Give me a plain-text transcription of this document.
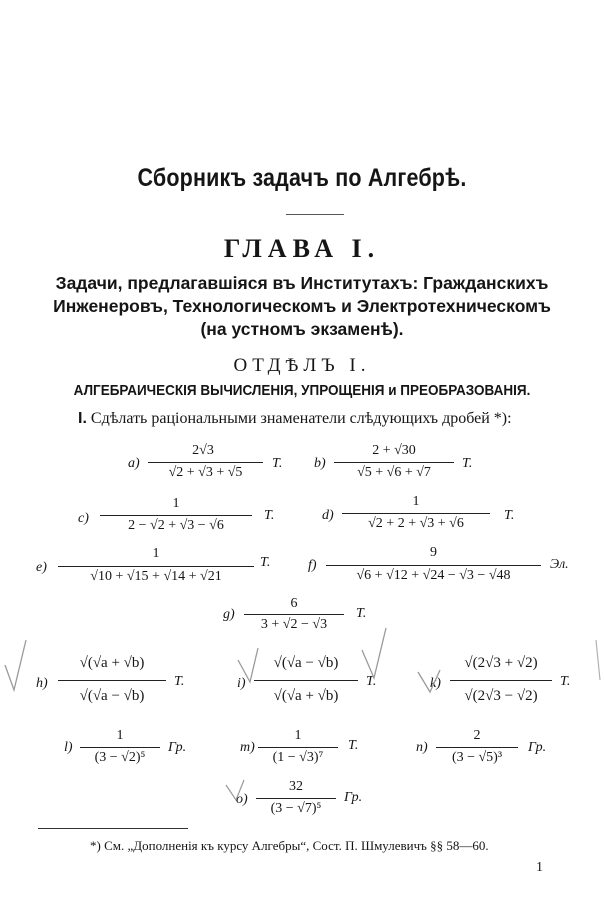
Сборникъ задачъ по Алгебрѣ.
ГЛАВА I.
Задачи, предлагавшіяся въ Институтахъ: Гражданскихъ
Инженеровъ, Технологическомъ и Электротехническомъ
(на устномъ экзаменѣ).
ОТДѢЛЪ I.
АЛГЕБРАИЧЕСКІЯ ВЫЧИСЛЕНІЯ, УПРОЩЕНІЯ и ПРЕОБРАЗОВАНІЯ.
I. Сдѣлать раціональными знаменатели слѣдующихъ дробей *):
a)
2√3
√2 + √3 + √5
Т. b)
2 + √30
√5 + √6 + √7
Т.
c)
1
2 − √2 + √3 − √6
Т.	d)
1
√2 + 2 + √3 + √6
Т.
e)
1
√10 + √15 + √14 + √21
Т.	f)
9
√6 + √12 + √24 − √3 − √48
Эл.
g)
6
3 + √2 − √3
Т.
h)
√(√a + √b)
√(√a − √b)
Т.	i)
√(√a − √b)
√(√a + √b)
Т.	k)
√(2√3 + √2)
√(2√3 − √2)
Т.
l)
1
(3 − √2)⁵
Гр.	m)
1
(1 − √3)⁷
Т.	n)
2
(3 − √5)³
Гр.
o)
32
(3 − √7)⁵
Гр.
*) См. „Дополненія къ курсу Алгебры“, Сост. П. Шмулевичъ §§ 58—60.
1
